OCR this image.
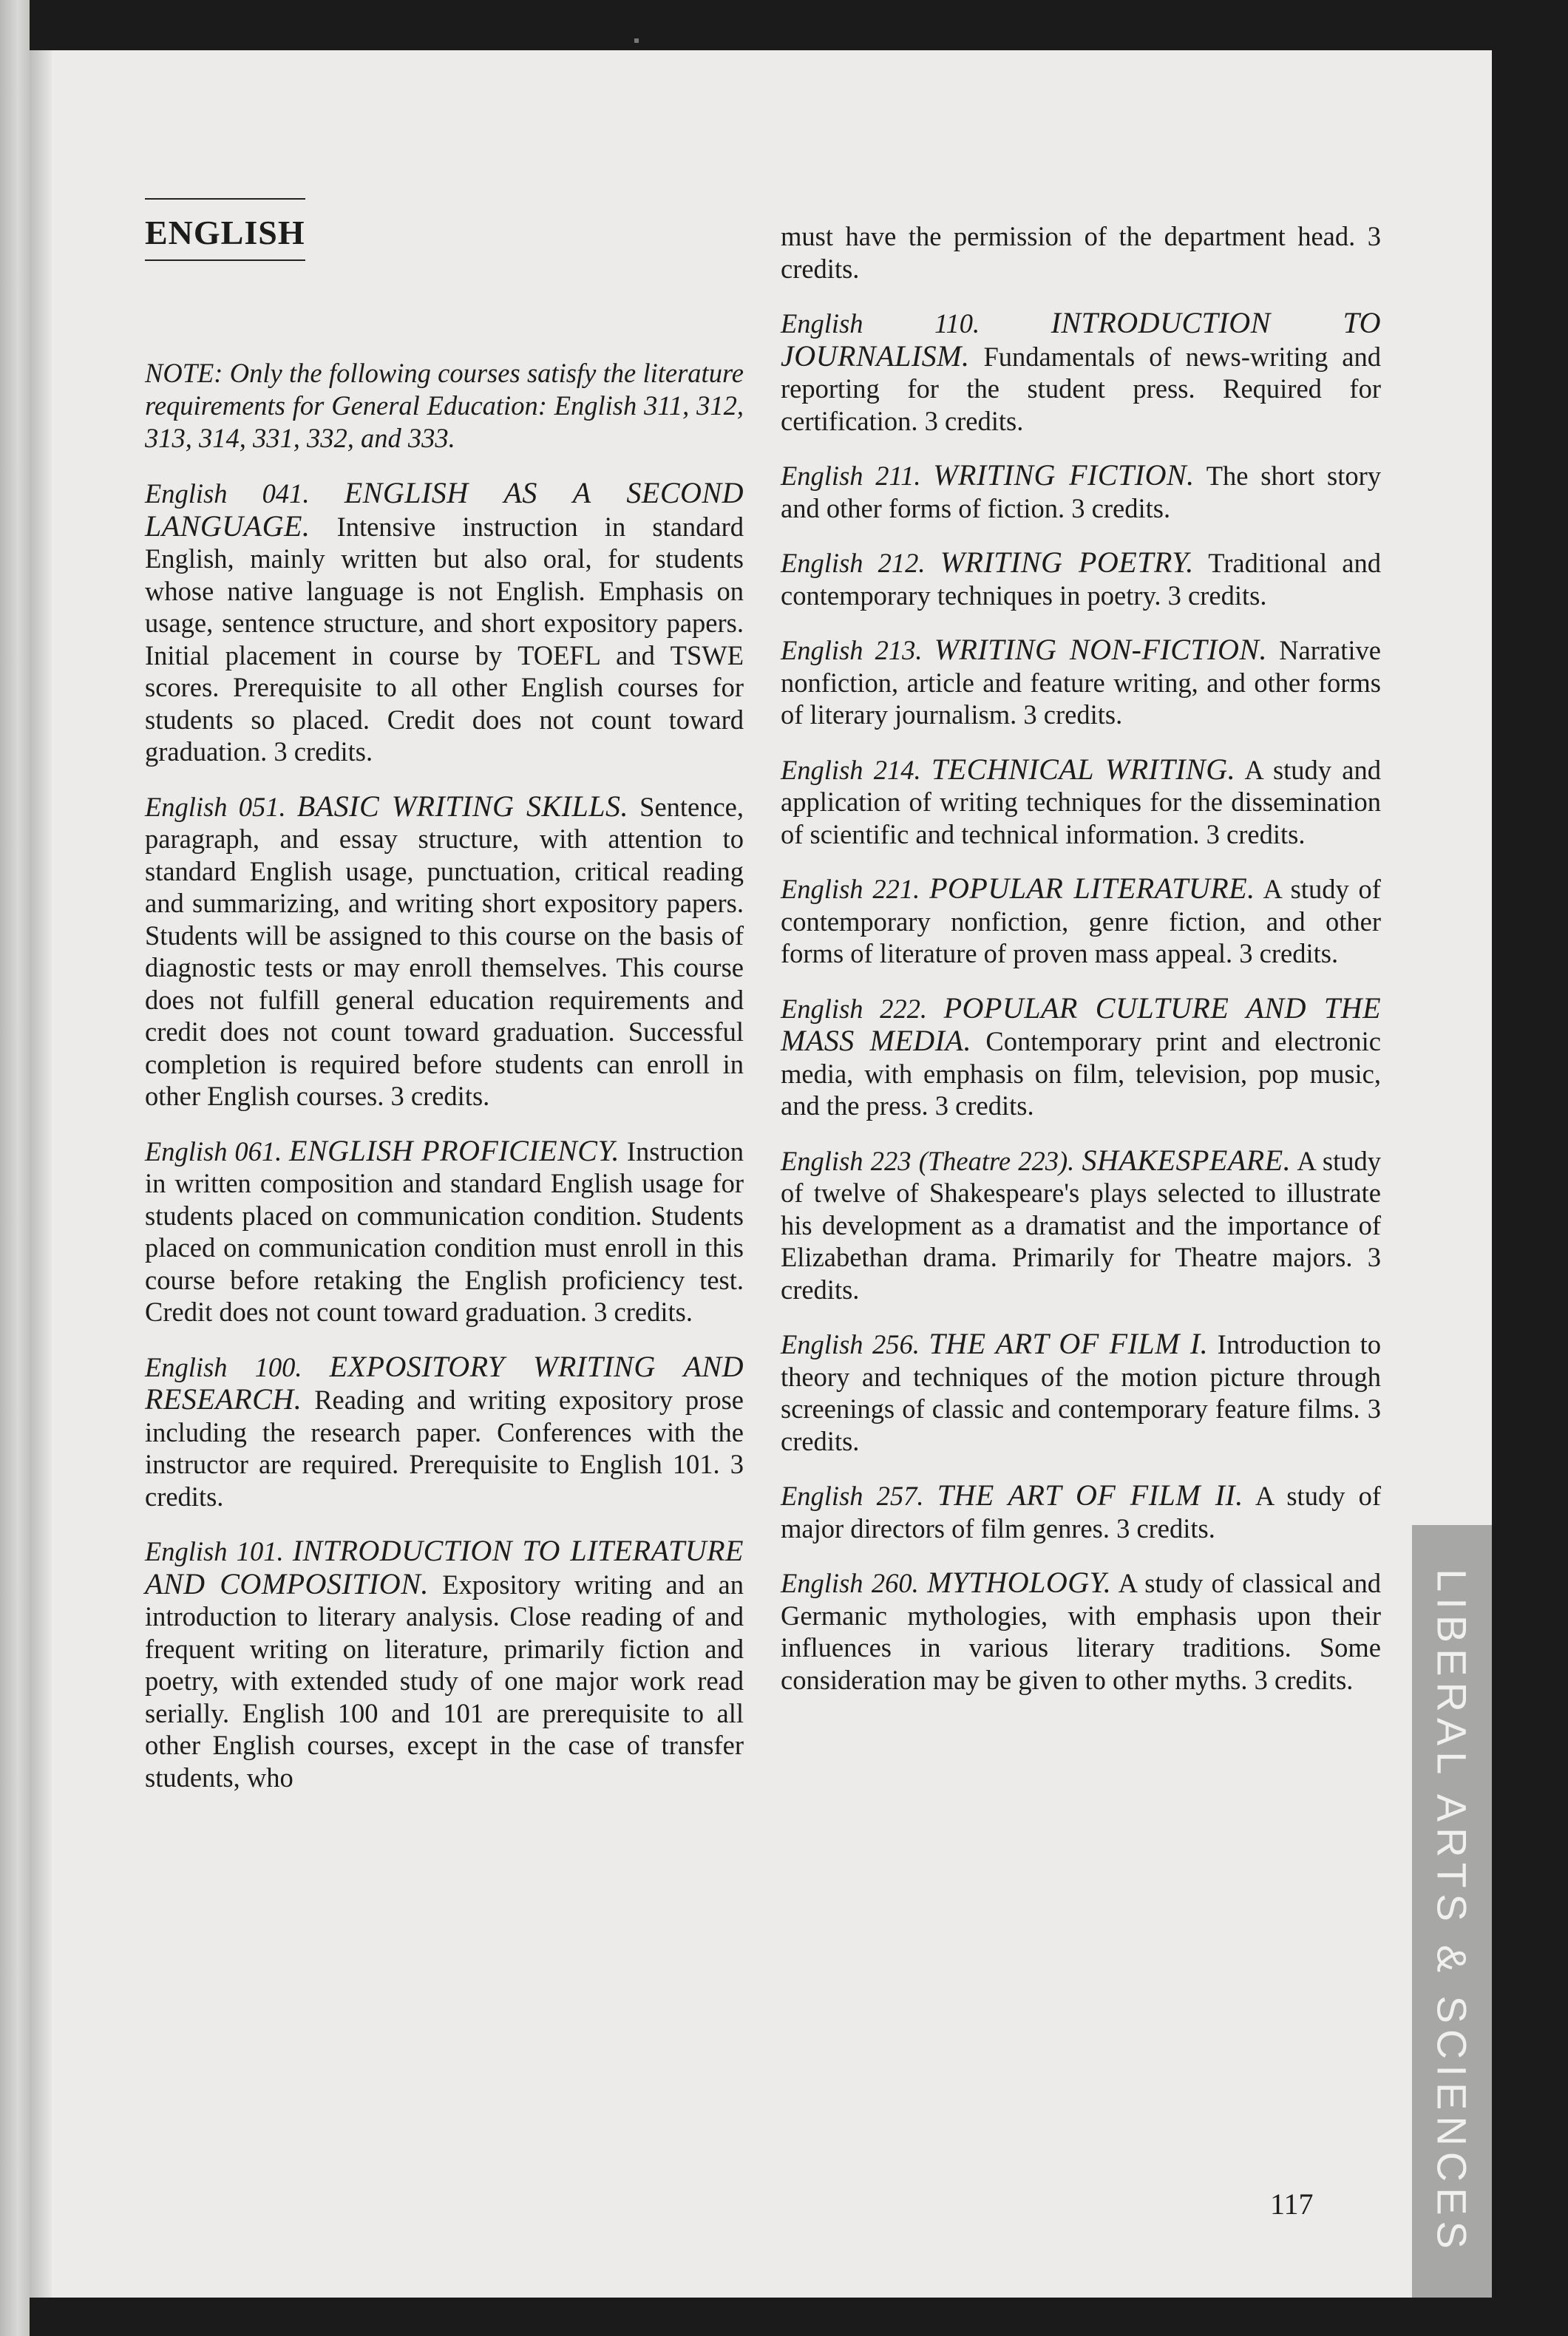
ENGLISH

NOTE: Only the following courses satisfy the literature requirements for General Education: English 311, 312, 313, 314, 331, 332, and 333.

English 041. ENGLISH AS A SECOND LANGUAGE. Intensive instruction in standard English, mainly written but also oral, for students whose native language is not English. Emphasis on usage, sentence structure, and short expository papers. Initial placement in course by TOEFL and TSWE scores. Prerequisite to all other English courses for students so placed. Credit does not count toward graduation. 3 credits.

English 051. BASIC WRITING SKILLS. Sentence, paragraph, and essay structure, with attention to standard English usage, punctuation, critical reading and summarizing, and writing short expository papers. Students will be assigned to this course on the basis of diagnostic tests or may enroll themselves. This course does not fulfill general education requirements and credit does not count toward graduation. Successful completion is required before students can enroll in other English courses. 3 credits.

English 061. ENGLISH PROFICIENCY. Instruction in written composition and standard English usage for students placed on communication condition. Students placed on communication condition must enroll in this course before retaking the English proficiency test. Credit does not count toward graduation. 3 credits.

English 100. EXPOSITORY WRITING AND RESEARCH. Reading and writing expository prose including the research paper. Conferences with the instructor are required. Prerequisite to English 101. 3 credits.

English 101. INTRODUCTION TO LITERATURE AND COMPOSITION. Expository writing and an introduction to literary analysis. Close reading of and frequent writing on literature, primarily fiction and poetry, with extended study of one major work read serially. English 100 and 101 are prerequisite to all other English courses, except in the case of transfer students, who

must have the permission of the department head. 3 credits.

English 110. INTRODUCTION TO JOURNALISM. Fundamentals of news-writing and reporting for the student press. Required for certification. 3 credits.

English 211. WRITING FICTION. The short story and other forms of fiction. 3 credits.

English 212. WRITING POETRY. Traditional and contemporary techniques in poetry. 3 credits.

English 213. WRITING NON-FICTION. Narrative nonfiction, article and feature writing, and other forms of literary journalism. 3 credits.

English 214. TECHNICAL WRITING. A study and application of writing techniques for the dissemination of scientific and technical information. 3 credits.

English 221. POPULAR LITERATURE. A study of contemporary nonfiction, genre fiction, and other forms of literature of proven mass appeal. 3 credits.

English 222. POPULAR CULTURE AND THE MASS MEDIA. Contemporary print and electronic media, with emphasis on film, television, pop music, and the press. 3 credits.

English 223 (Theatre 223). SHAKESPEARE. A study of twelve of Shakespeare's plays selected to illustrate his development as a dramatist and the importance of Elizabethan drama. Primarily for Theatre majors. 3 credits.

English 256. THE ART OF FILM I. Introduction to theory and techniques of the motion picture through screenings of classic and contemporary feature films. 3 credits.

English 257. THE ART OF FILM II. A study of major directors of film genres. 3 credits.

English 260. MYTHOLOGY. A study of classical and Germanic mythologies, with emphasis upon their influences in various literary traditions. Some consideration may be given to other myths. 3 credits.

117	LIBERAL ARTS & SCIENCES
